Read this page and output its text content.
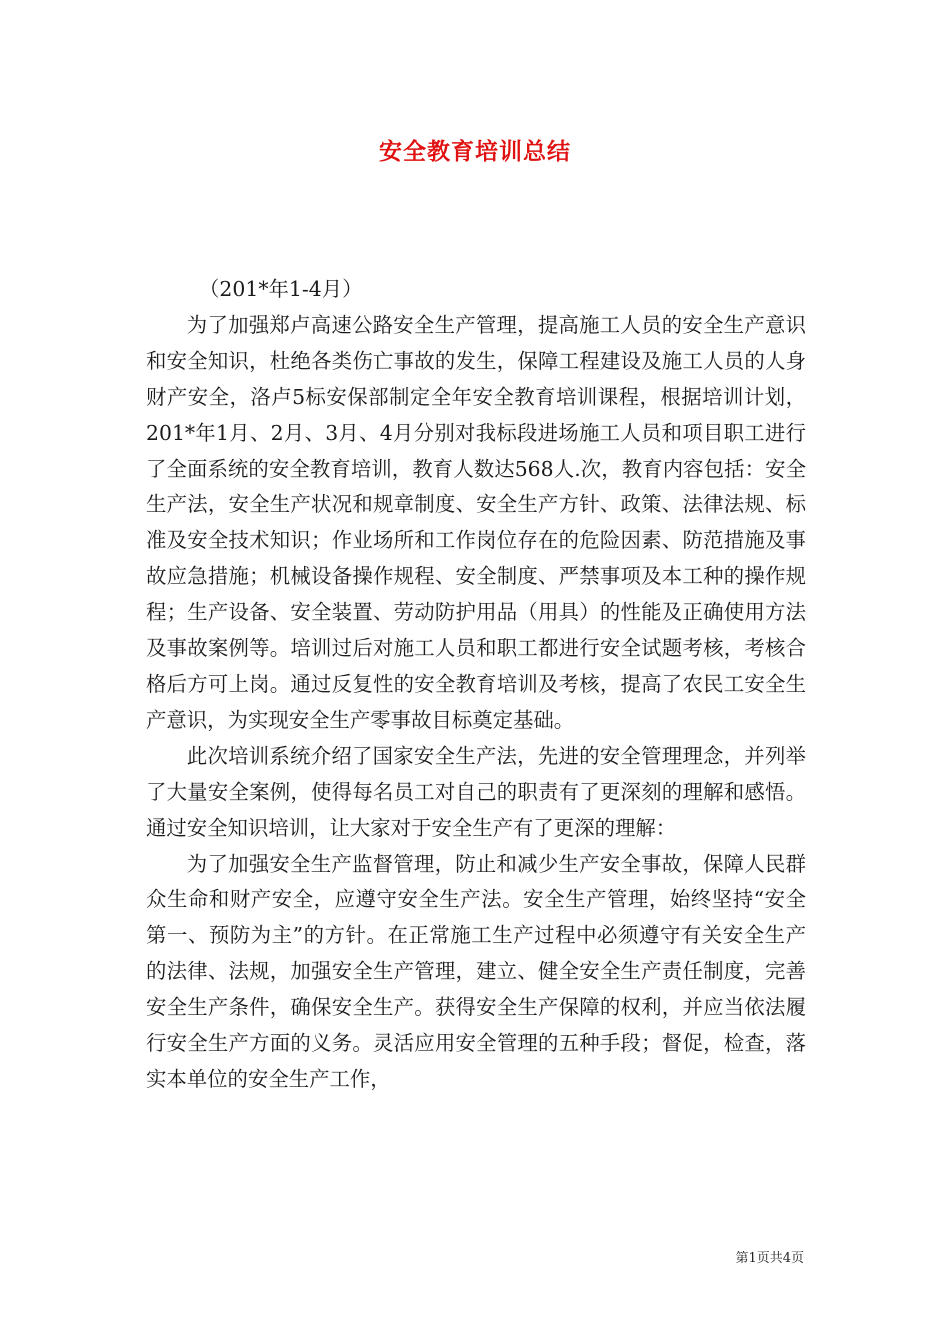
安全教育培训总结

（201*年1-4月）

为了加强郑卢高速公路安全生产管理，提高施工人员的安全生产意识和安全知识，杜绝各类伤亡事故的发生，保障工程建设及施工人员的人身财产安全，洛卢5标安保部制定全年安全教育培训课程，根据培训计划，201*年1月、2月、3月、4月分别对我标段进场施工人员和项目职工进行了全面系统的安全教育培训，教育人数达568人.次，教育内容包括：安全生产法，安全生产状况和规章制度、安全生产方针、政策、法律法规、标准及安全技术知识；作业场所和工作岗位存在的危险因素、防范措施及事故应急措施；机械设备操作规程、安全制度、严禁事项及本工种的操作规程；生产设备、安全装置、劳动防护用品（用具）的性能及正确使用方法及事故案例等。培训过后对施工人员和职工都进行安全试题考核，考核合格后方可上岗。通过反复性的安全教育培训及考核，提高了农民工安全生产意识，为实现安全生产零事故目标奠定基础。

此次培训系统介绍了国家安全生产法，先进的安全管理理念，并列举了大量安全案例，使得每名员工对自己的职责有了更深刻的理解和感悟。通过安全知识培训，让大家对于安全生产有了更深的理解：

为了加强安全生产监督管理，防止和减少生产安全事故，保障人民群众生命和财产安全，应遵守安全生产法。安全生产管理，始终坚持“安全第一、预防为主”的方针。在正常施工生产过程中必须遵守有关安全生产的法律、法规，加强安全生产管理，建立、健全安全生产责任制度，完善安全生产条件，确保安全生产。获得安全生产保障的权利，并应当依法履行安全生产方面的义务。灵活应用安全管理的五种手段；督促，检查，落实本单位的安全生产工作，

第1页共4页
